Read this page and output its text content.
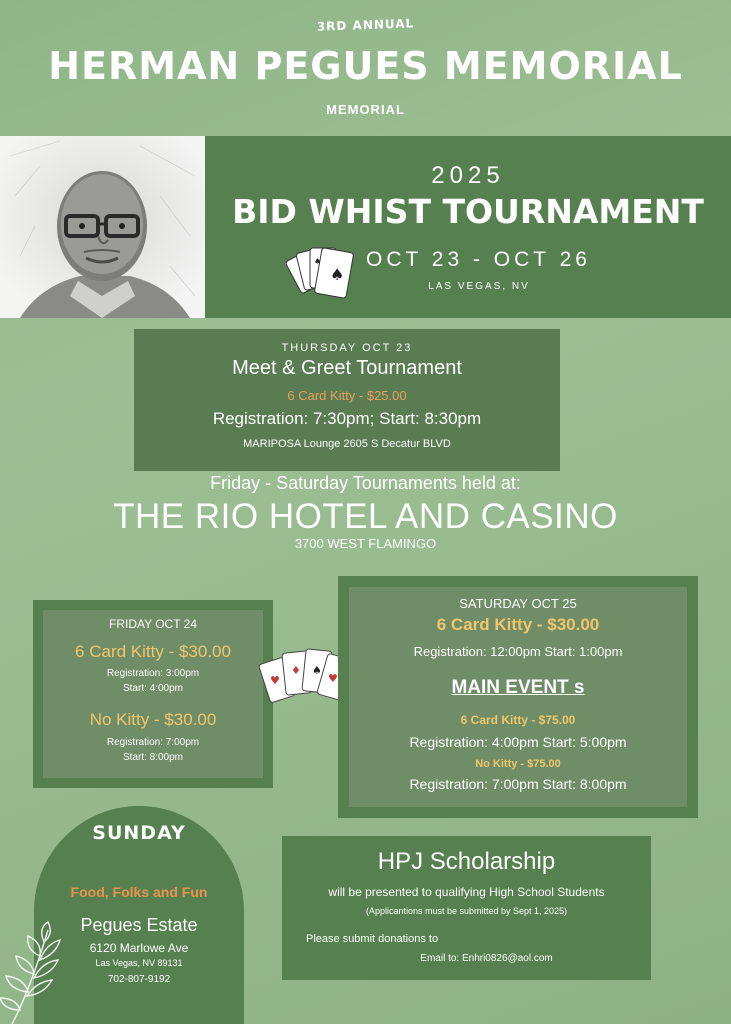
3RD ANNUAL
HERMAN PEGUES MEMORIAL
MEMORIAL
2025
BID WHIST TOURNAMENT
♠
♠ OCT 23 - OCT 26
LAS VEGAS, NV
THURSDAY OCT 23
Meet & Greet Tournament
6 Card Kitty - $25.00
Registration: 7:30pm; Start: 8:30pm
MARIPOSA Lounge 2605 S Decatur BLVD
Friday - Saturday Tournaments held at:
THE RIO HOTEL AND CASINO
3700 WEST FLAMINGO
FRIDAY OCT 24
6 Card Kitty - $30.00
Registration: 3:00pm
Start: 4:00pm
No Kitty - $30.00
Registration: 7:00pm
Start: 8:00pm
♥
♦ ♠
♥
SATURDAY OCT 25
6 Card Kitty - $30.00
Registration: 12:00pm Start: 1:00pm
MAIN EVENT s
6 Card Kitty - $75.00
Registration: 4:00pm Start: 5:00pm
No Kitty - $75.00
Registration: 7:00pm Start: 8:00pm
SUNDAY
Food, Folks and Fun
Pegues Estate
6120 Marlowe Ave
Las Vegas, NV 89131
702-807-9192
HPJ Scholarship
will be presented to qualifying High School Students
(Applicantions must be submitted by Sept 1, 2025)
Please submit donations to
Email to: Enhri0826@aol.com
